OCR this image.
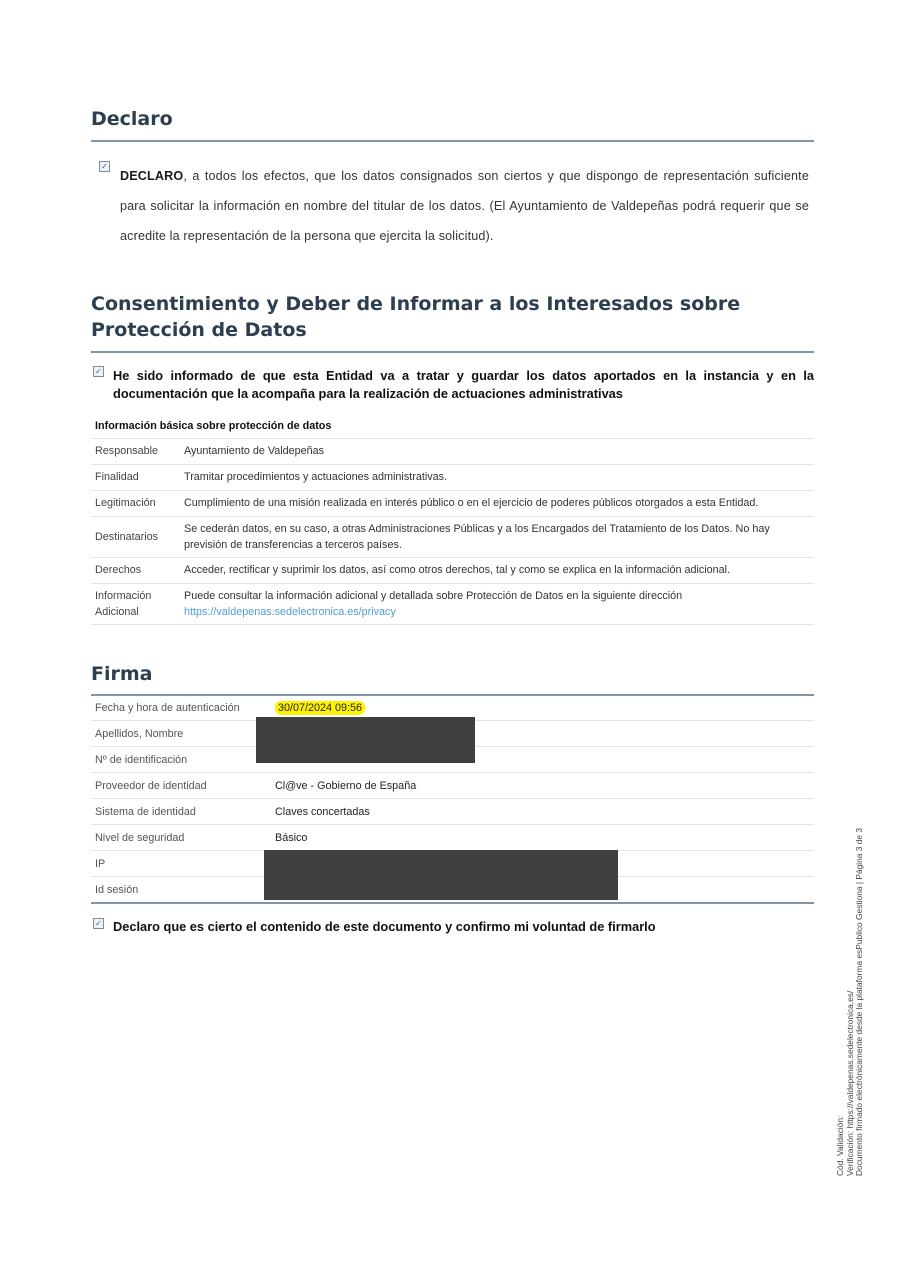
Declaro
✓
DECLARO, a todos los efectos, que los datos consignados son ciertos y que dispongo de representación suficiente para solicitar la información en nombre del titular de los datos. (El Ayuntamiento de Valdepeñas podrá requerir que se acredite la representación de la persona que ejercita la solicitud).
Consentimiento y Deber de Informar a los Interesados sobre Protección de Datos
✓ He sido informado de que esta Entidad va a tratar y guardar los datos aportados en la instancia y en la documentación que la acompaña para la realización de actuaciones administrativas
Información básica sobre protección de datos	
Responsable	Ayuntamiento de Valdepeñas
Finalidad	Tramitar procedimientos y actuaciones administrativas.
Legitimación	Cumplimiento de una misión realizada en interés público o en el ejercicio de poderes públicos otorgados a esta Entidad.
Destinatarios	Se cederán datos, en su caso, a otras Administraciones Públicas y a los Encargados del Tratamiento de los Datos. No hay previsión de transferencias a terceros países.
Derechos	Acceder, rectificar y suprimir los datos, así como otros derechos, tal y como se explica en la información adicional.
Información Adicional	Puede consultar la información adicional y detallada sobre Protección de Datos en la siguiente dirección
https://valdepenas.sedelectronica.es/privacy
Firma
Fecha y hora de autenticación	30/07/2024 09:56
Apellidos, Nombre	
Nº de identificación	
Proveedor de identidad	Cl@ve - Gobierno de España
Sistema de identidad	Claves concertadas
Nivel de seguridad	Básico
IP	
Id sesión	
✓ Declaro que es cierto el contenido de este documento y confirmo mi voluntad de firmarlo
Cód. Validación: Verificación: https://valdepenas.sedelectronica.es/ Documento firmado electrónicamente desde la plataforma esPublico Gestiona | Página 3 de 3
